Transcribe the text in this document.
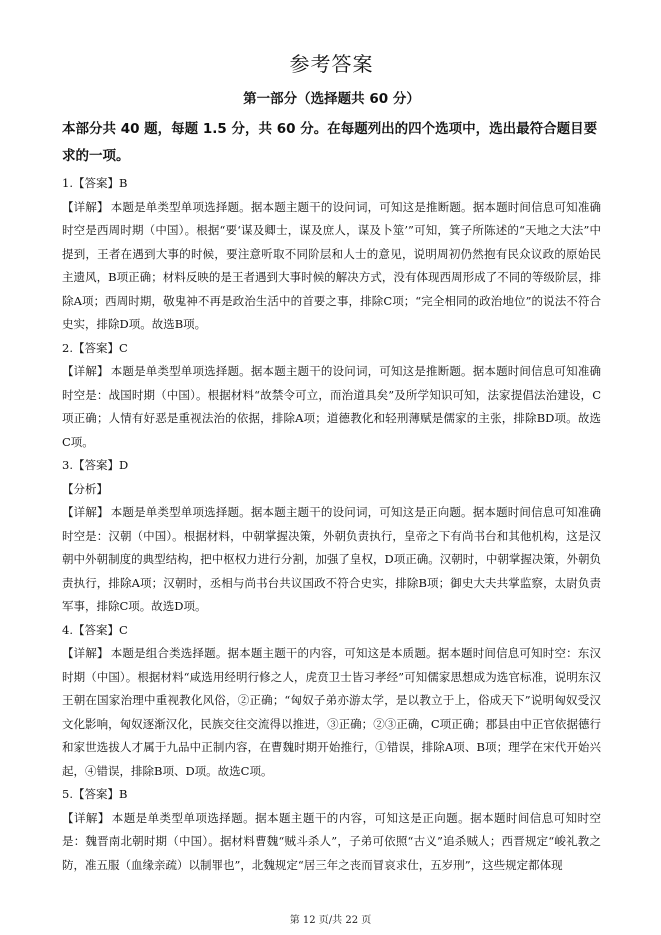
参考答案
第一部分（选择题共 60 分）
本部分共 40 题，每题 1.5 分，共 60 分。在每题列出的四个选项中，选出最符合题目要求的一项。
1.【答案】B
【详解】 本题是单类型单项选择题。据本题主题干的设问词，可知这是推断题。据本题时间信息可知准确时空是西周时期（中国）。根据“要‘谋及卿士，谋及庶人，谋及卜筮’”可知，箕子所陈述的“天地之大法”中提到，王者在遇到大事的时候，要注意听取不同阶层和人士的意见，说明周初仍然抱有民众议政的原始民主遗风，B项正确；材料反映的是王者遇到大事时候的解决方式，没有体现西周形成了不同的等级阶层，排除A项；西周时期，敬鬼神不再是政治生活中的首要之事，排除C项；“完全相同的政治地位”的说法不符合史实，排除D项。故选B项。
2.【答案】C
【详解】 本题是单类型单项选择题。据本题主题干的设问词，可知这是推断题。据本题时间信息可知准确时空是：战国时期（中国）。根据材料“故禁令可立，而治道具矣”及所学知识可知，法家提倡法治建设，C项正确；人情有好恶是重视法治的依据，排除A项；道德教化和轻刑薄赋是儒家的主张，排除BD项。故选C项。
3.【答案】D
【分析】
【详解】 本题是单类型单项选择题。据本题主题干的设问词，可知这是正向题。据本题时间信息可知准确时空是：汉朝（中国）。根据材料，中朝掌握决策，外朝负责执行，皇帝之下有尚书台和其他机构，这是汉朝中外朝制度的典型结构，把中枢权力进行分割，加强了皇权，D项正确。汉朝时，中朝掌握决策，外朝负责执行，排除A项；汉朝时，丞相与尚书台共议国政不符合史实，排除B项；御史大夫共掌监察，太尉负责军事，排除C项。故选D项。
4.【答案】C
【详解】 本题是组合类选择题。据本题主题干的内容，可知这是本质题。据本题时间信息可知时空：东汉时期（中国）。根据材料“咸选用经明行修之人，虎贲卫士皆习孝经”可知儒家思想成为选官标准，说明东汉王朝在国家治理中重视教化风俗，②正确；“匈奴子弟亦游太学，是以教立于上，俗成天下”说明匈奴受汉文化影响，匈奴逐渐汉化，民族交往交流得以推进，③正确；②③正确，C项正确；郡县由中正官依据德行和家世选拔人才属于九品中正制内容，在曹魏时期开始推行，①错误，排除A项、B项；理学在宋代开始兴起，④错误，排除B项、D项。故选C项。
5.【答案】B
【详解】 本题是单类型单项选择题。据本题主题干的内容，可知这是正向题。据本题时间信息可知时空是：魏晋南北朝时期（中国）。据材料曹魏“贼斗杀人”，子弟可依照“古义”追杀贼人；西晋规定“峻礼教之防，准五服（血缘亲疏）以制罪也”，北魏规定“居三年之丧而冒哀求仕，五岁刑”，这些规定都体现
第 12 页/共 22 页
